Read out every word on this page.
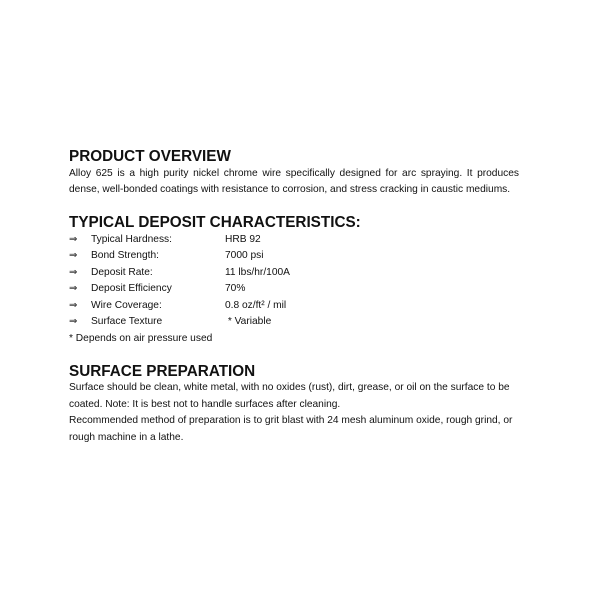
PRODUCT OVERVIEW

Alloy 625 is a high purity nickel chrome wire specifically designed for arc spraying. It produces dense, well-bonded coatings with resistance to corrosion, and stress cracking in caustic mediums.

TYPICAL DEPOSIT CHARACTERISTICS:
⇒	Typical Hardness:	HRB 92
⇒	Bond Strength:	7000 psi
⇒	Deposit Rate:	11 lbs/hr/100A
⇒	Deposit Efficiency	70%
⇒	Wire Coverage:	0.8 oz/ft² / mil
⇒	Surface Texture	* Variable

* Depends on air pressure used

SURFACE PREPARATION

Surface should be clean, white metal, with no oxides (rust), dirt, grease, or oil on the surface to be coated. Note: It is best not to handle surfaces after cleaning.

Recommended method of preparation is to grit blast with 24 mesh aluminum oxide, rough grind, or rough machine in a lathe.
